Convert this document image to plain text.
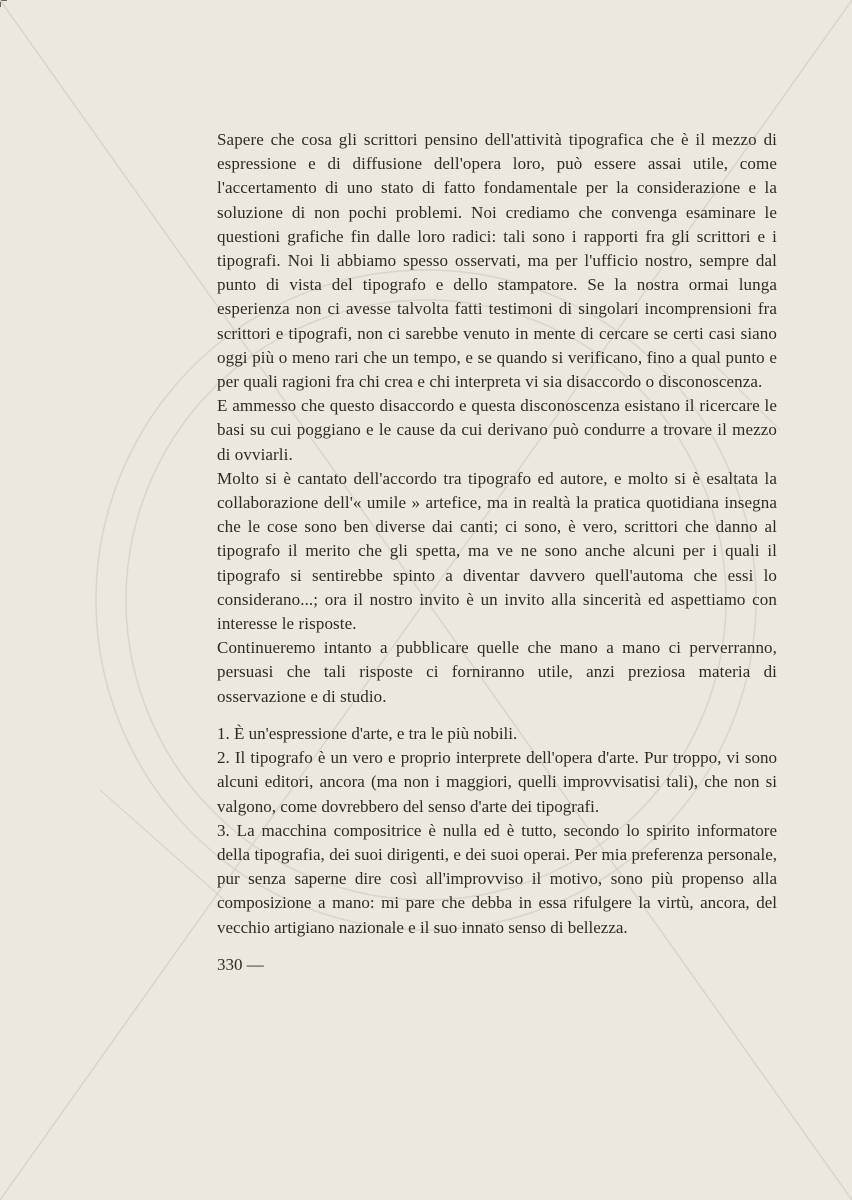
Sapere che cosa gli scrittori pensino dell'attività tipografica che è il mezzo di espressione e di diffusione dell'opera loro, può essere assai utile, come l'accertamento di uno stato di fatto fondamentale per la considerazione e la soluzione di non pochi problemi. Noi crediamo che convenga esaminare le questioni grafiche fin dalle loro radici: tali sono i rapporti fra gli scrittori e i tipografi. Noi li abbiamo spesso osservati, ma per l'ufficio nostro, sempre dal punto di vista del tipografo e dello stampatore. Se la nostra ormai lunga esperienza non ci avesse talvolta fatti testimoni di singolari incomprensioni fra scrittori e tipografi, non ci sarebbe venuto in mente di cercare se certi casi siano oggi più o meno rari che un tempo, e se quando si verificano, fino a qual punto e per quali ragioni fra chi crea e chi interpreta vi sia disaccordo o disconoscenza.

E ammesso che questo disaccordo e questa disconoscenza esistano il ricercare le basi su cui poggiano e le cause da cui derivano può condurre a trovare il mezzo di ovviarli.

Molto si è cantato dell'accordo tra tipografo ed autore, e molto si è esaltata la collaborazione dell'« umile » artefice, ma in realtà la pratica quotidiana insegna che le cose sono ben diverse dai canti; ci sono, è vero, scrittori che danno al tipografo il merito che gli spetta, ma ve ne sono anche alcuni per i quali il tipografo si sentirebbe spinto a diventar davvero quell'automa che essi lo considerano...; ora il nostro invito è un invito alla sincerità ed aspettiamo con interesse le risposte.

Continueremo intanto a pubblicare quelle che mano a mano ci perverranno, persuasi che tali risposte ci forniranno utile, anzi preziosa materia di osservazione e di studio.

1. È un'espressione d'arte, e tra le più nobili.

2. Il tipografo è un vero e proprio interprete dell'opera d'arte. Pur troppo, vi sono alcuni editori, ancora (ma non i maggiori, quelli improvvisatisi tali), che non si valgono, come dovrebbero del senso d'arte dei tipografi.

3. La macchina compositrice è nulla ed è tutto, secondo lo spirito informatore della tipografia, dei suoi dirigenti, e dei suoi operai. Per mia preferenza personale, pur senza saperne dire così all'improvviso il motivo, sono più propenso alla composizione a mano: mi pare che debba in essa rifulgere la virtù, ancora, del vecchio artigiano nazionale e il suo innato senso di bellezza.

330 —
